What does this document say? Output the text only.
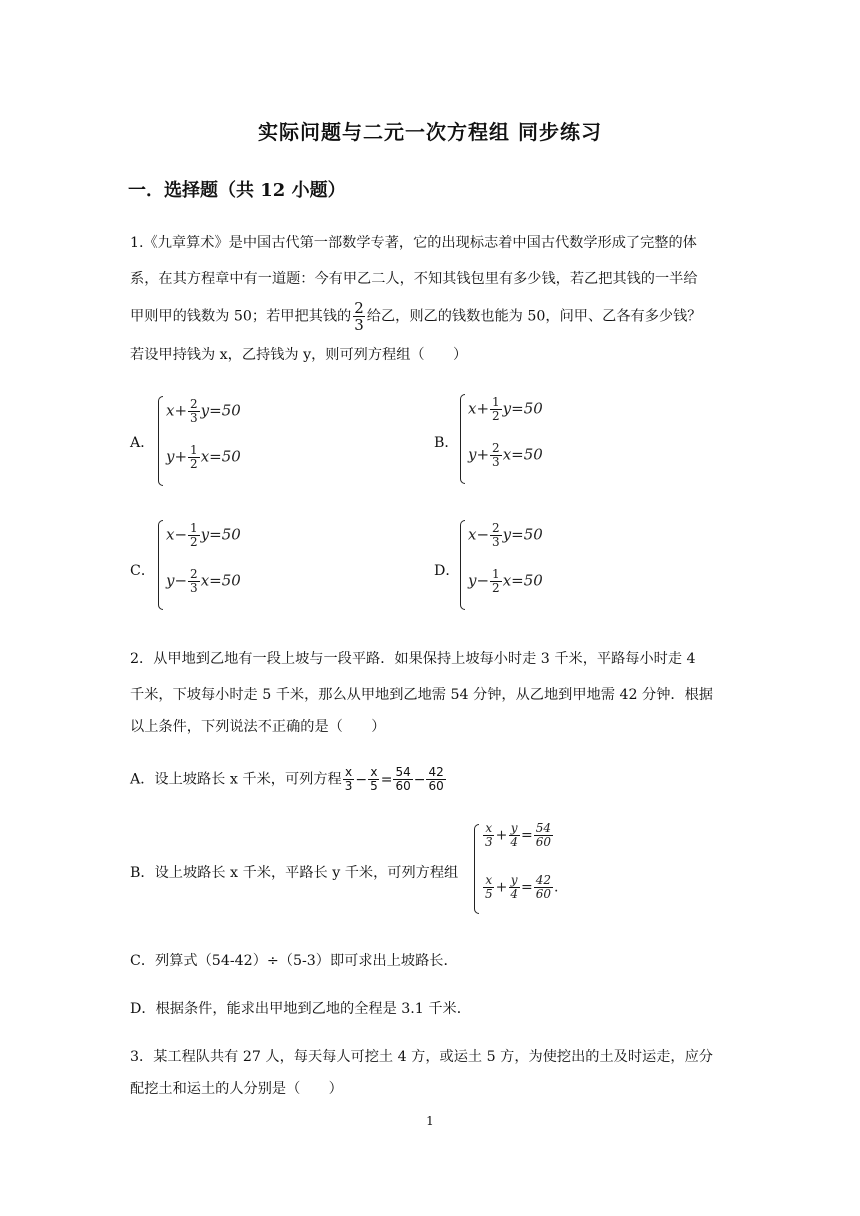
实际问题与二元一次方程组 同步练习
一．选择题（共 12 小题）
1.《九章算术》是中国古代第一部数学专著，它的出现标志着中国古代数学形成了完整的体
系，在其方程章中有一道题：今有甲乙二人，不知其钱包里有多少钱，若乙把其钱的一半给
甲则甲的钱数为 50；若甲把其钱的 $\frac{2}{3}$ 给乙，则乙的钱数也能为 50，问甲、乙各有多少钱？
若设甲持钱为 x，乙持钱为 y，则可列方程组（　　）
A．
$x+ \frac{2}{3} y=50$
$y+ \frac{1}{2} x=50$
B．
$x+ \frac{1}{2} y=50$
$y+ \frac{2}{3} x=50$
C．
$x- \frac{1}{2} y=50$
$y- \frac{2}{3} x=50$
D．
$x- \frac{2}{3} y=50$
$y- \frac{1}{2} x=50$
2．从甲地到乙地有一段上坡与一段平路．如果保持上坡每小时走 3 千米，平路每小时走 4
千米，下坡每小时走 5 千米，那么从甲地到乙地需 54 分钟，从乙地到甲地需 42 分钟．根据
以上条件，下列说法不正确的是（　　）
A．设上坡路长 x 千米，可列方程 $\frac{x}{3} - \frac{x}{5} = \frac{54}{60} - \frac{42}{60}$
B．设上坡路长 x 千米，平路长 y 千米，可列方程组
$\frac{x}{3} + \frac{y}{4} = \frac{54}{60}$
$\frac{x}{5} + \frac{y}{4} = \frac{42}{60}$ .
C．列算式（54-42）÷（5-3）即可求出上坡路长．
D．根据条件，能求出甲地到乙地的全程是 3.1 千米．
3．某工程队共有 27 人，每天每人可挖土 4 方，或运土 5 方，为使挖出的土及时运走，应分
配挖土和运土的人分别是（　　）
1
